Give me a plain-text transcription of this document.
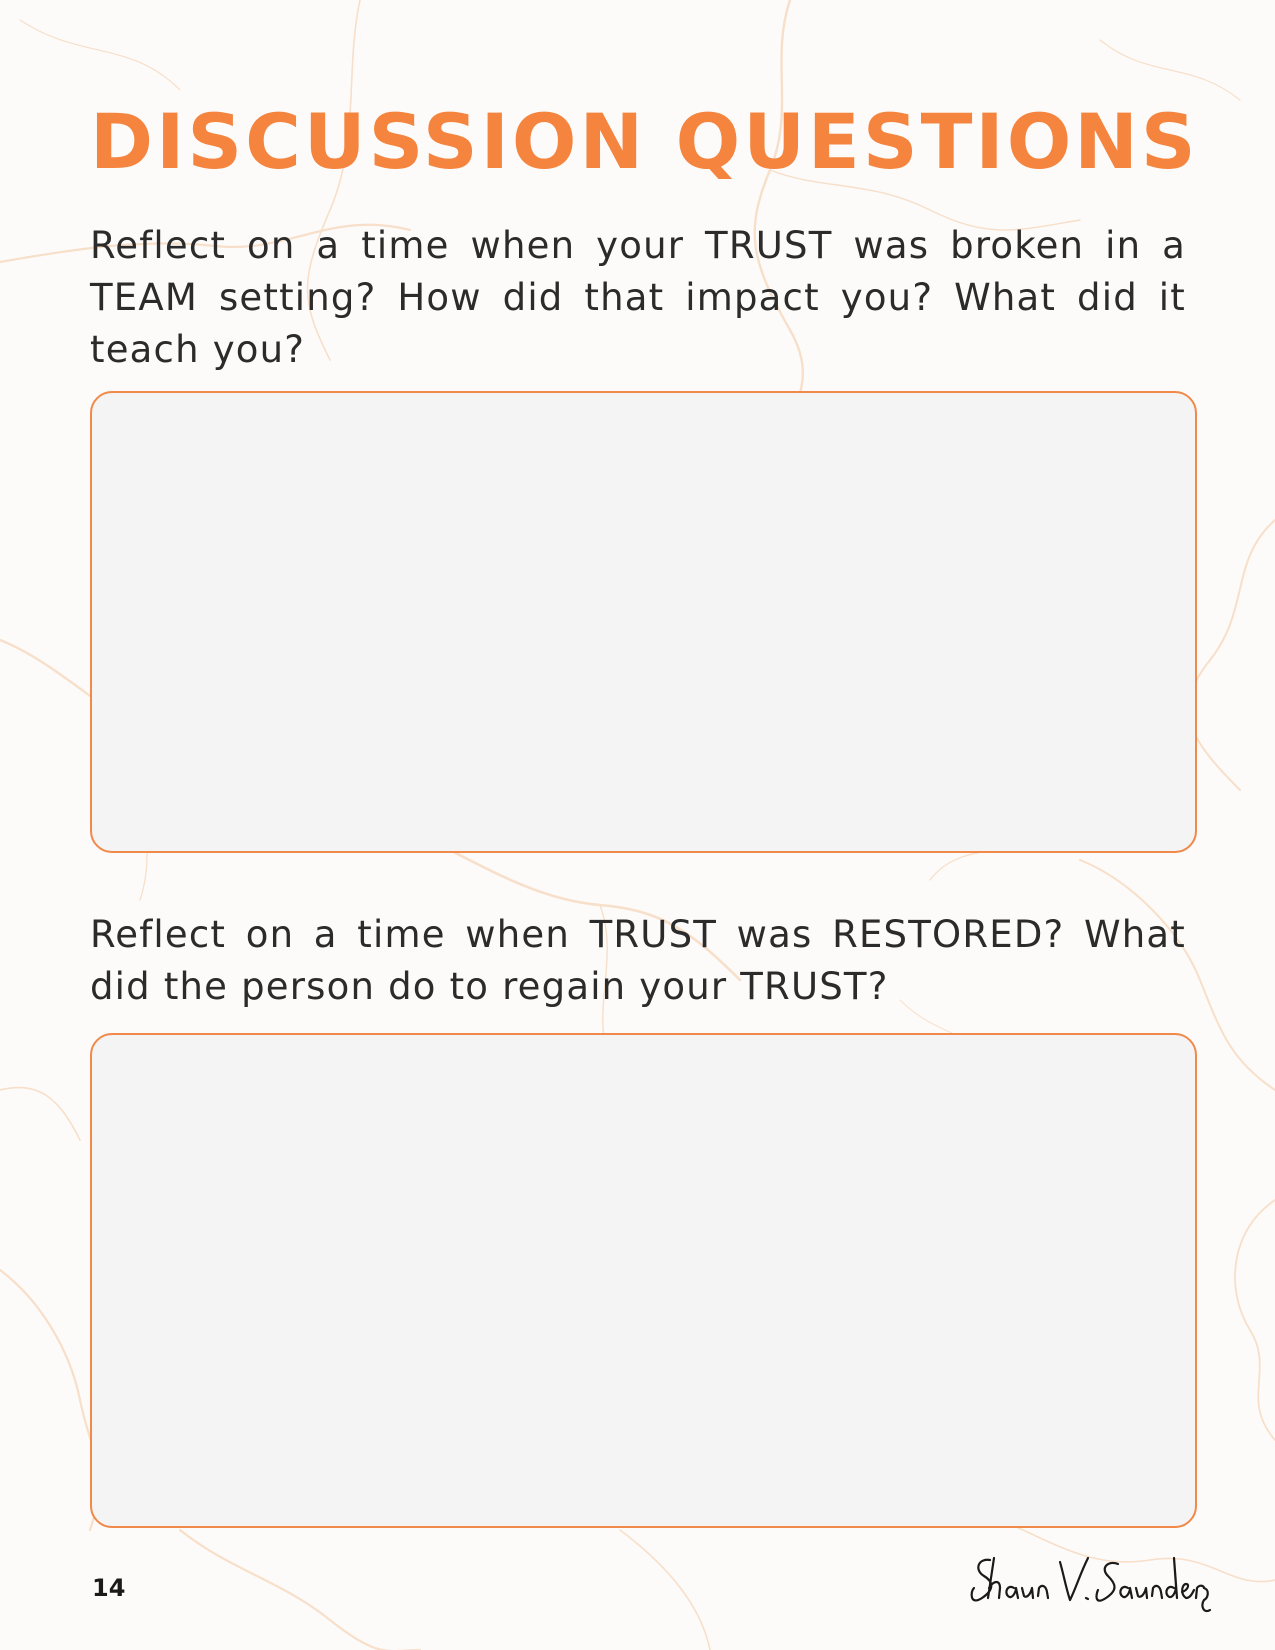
DISCUSSION QUESTIONS

Reflect on a time when your TRUST was broken in a TEAM setting? How did that impact you? What did it teach you?

Reflect on a time when TRUST was RESTORED? What did the person do to regain your TRUST?

14
